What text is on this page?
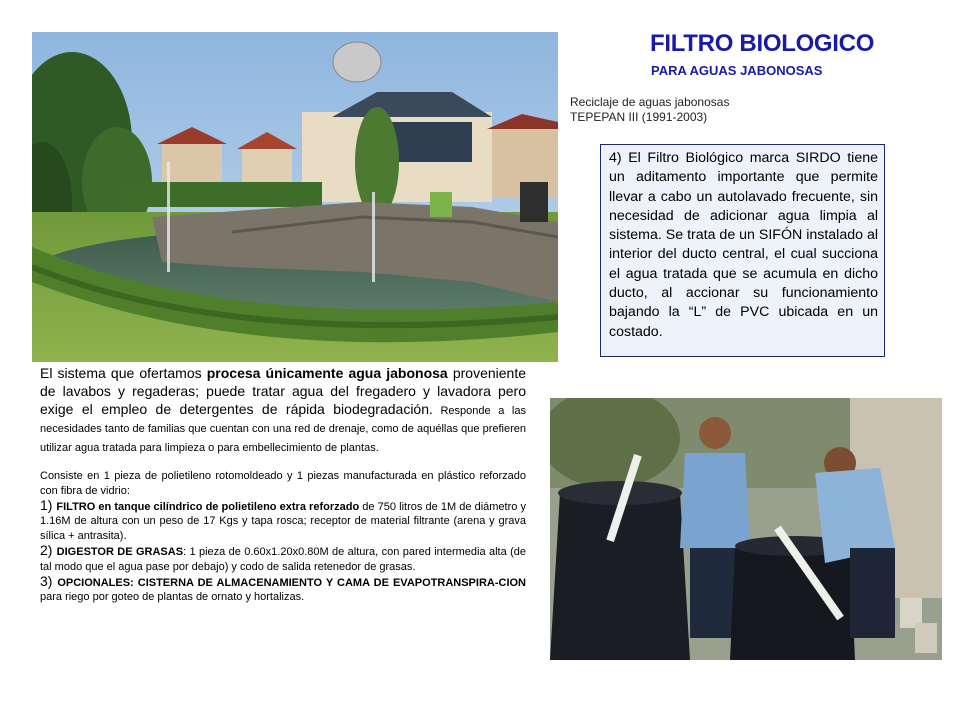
FILTRO BIOLOGICO
PARA AGUAS JABONOSAS
Reciclaje de aguas jabonosas
TEPEPAN III (1991-2003)
4) El Filtro Biológico marca SIRDO tiene un aditamento importante que permite llevar a cabo un autolavado frecuente, sin necesidad de adicionar agua limpia al sistema. Se trata de un SIFÓN instalado al interior del ducto central, el cual succiona el agua tratada que se acumula en dicho ducto, al accionar su funcionamiento bajando la “L” de PVC ubicada en un costado.

El sistema que ofertamos procesa únicamente agua jabonosa proveniente de lavabos y regaderas; puede tratar agua del fregadero y lavadora pero exige el empleo de detergentes de rápida biodegradación. Responde a las necesidades tanto de familias que cuentan con una red de drenaje, como de aquéllas que prefieren utilizar agua tratada para limpieza o para embellecimiento de plantas.

Consiste en 1 pieza de polietileno rotomoldeado y 1 piezas manufacturada en plástico reforzado con fibra de vidrio:

1) FILTRO en tanque cilíndrico de polietileno extra reforzado de 750 litros de 1M de diámetro y 1.16M de altura con un peso de 17 Kgs y tapa rosca; receptor de material filtrante (arena y grava sílica + antrasita).

2) DIGESTOR DE GRASAS: 1 pieza de 0.60x1.20x0.80M de altura, con pared intermedia alta (de tal modo que el agua pase por debajo) y codo de salida retenedor de grasas.

3) OPCIONALES: CISTERNA DE ALMACENAMIENTO Y CAMA DE EVAPOTRANSPIRA-CION para riego por goteo de plantas de ornato y hortalizas.
